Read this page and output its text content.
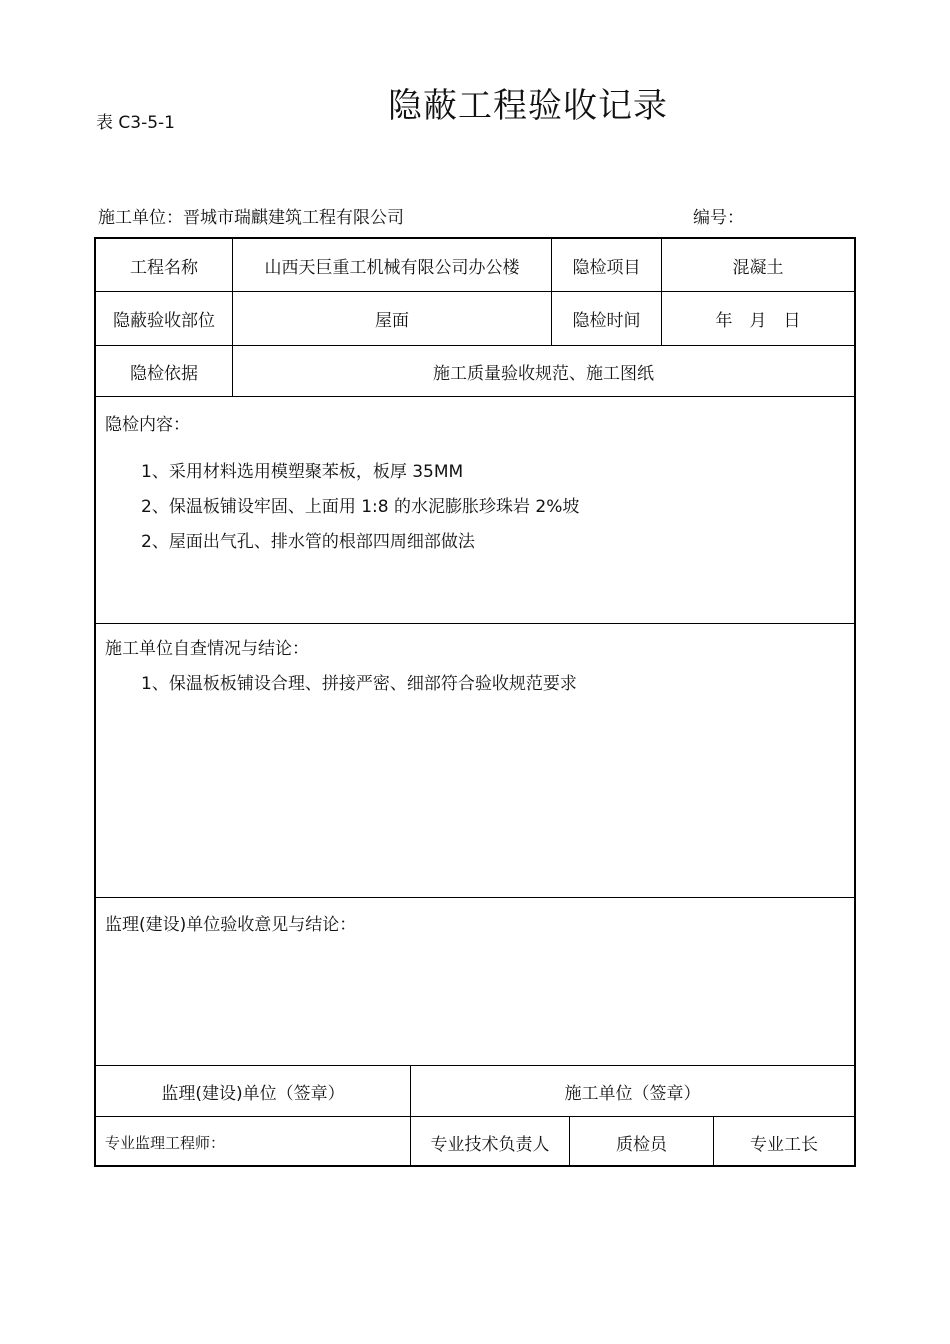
表 C3-5-1	隐蔽工程验收记录
施工单位：晋城市瑞麒建筑工程有限公司	编号：
工程名称	山西天巨重工机械有限公司办公楼	隐检项目	混凝土
隐蔽验收部位	屋面	隐检时间	年　月　日
隐检依据	施工质量验收规范、施工图纸
隐检内容：
1、采用材料选用模塑聚苯板，板厚 35MM
2、保温板铺设牢固、上面用 1:8 的水泥膨胀珍珠岩 2%坡
2、屋面出气孔、排水管的根部四周细部做法
施工单位自查情况与结论：
1、保温板板铺设合理、拼接严密、细部符合验收规范要求
监理(建设)单位验收意见与结论：
监理(建设)单位（签章）	施工单位（签章）
专业监理工程师：	专业技术负责人	质检员	专业工长
